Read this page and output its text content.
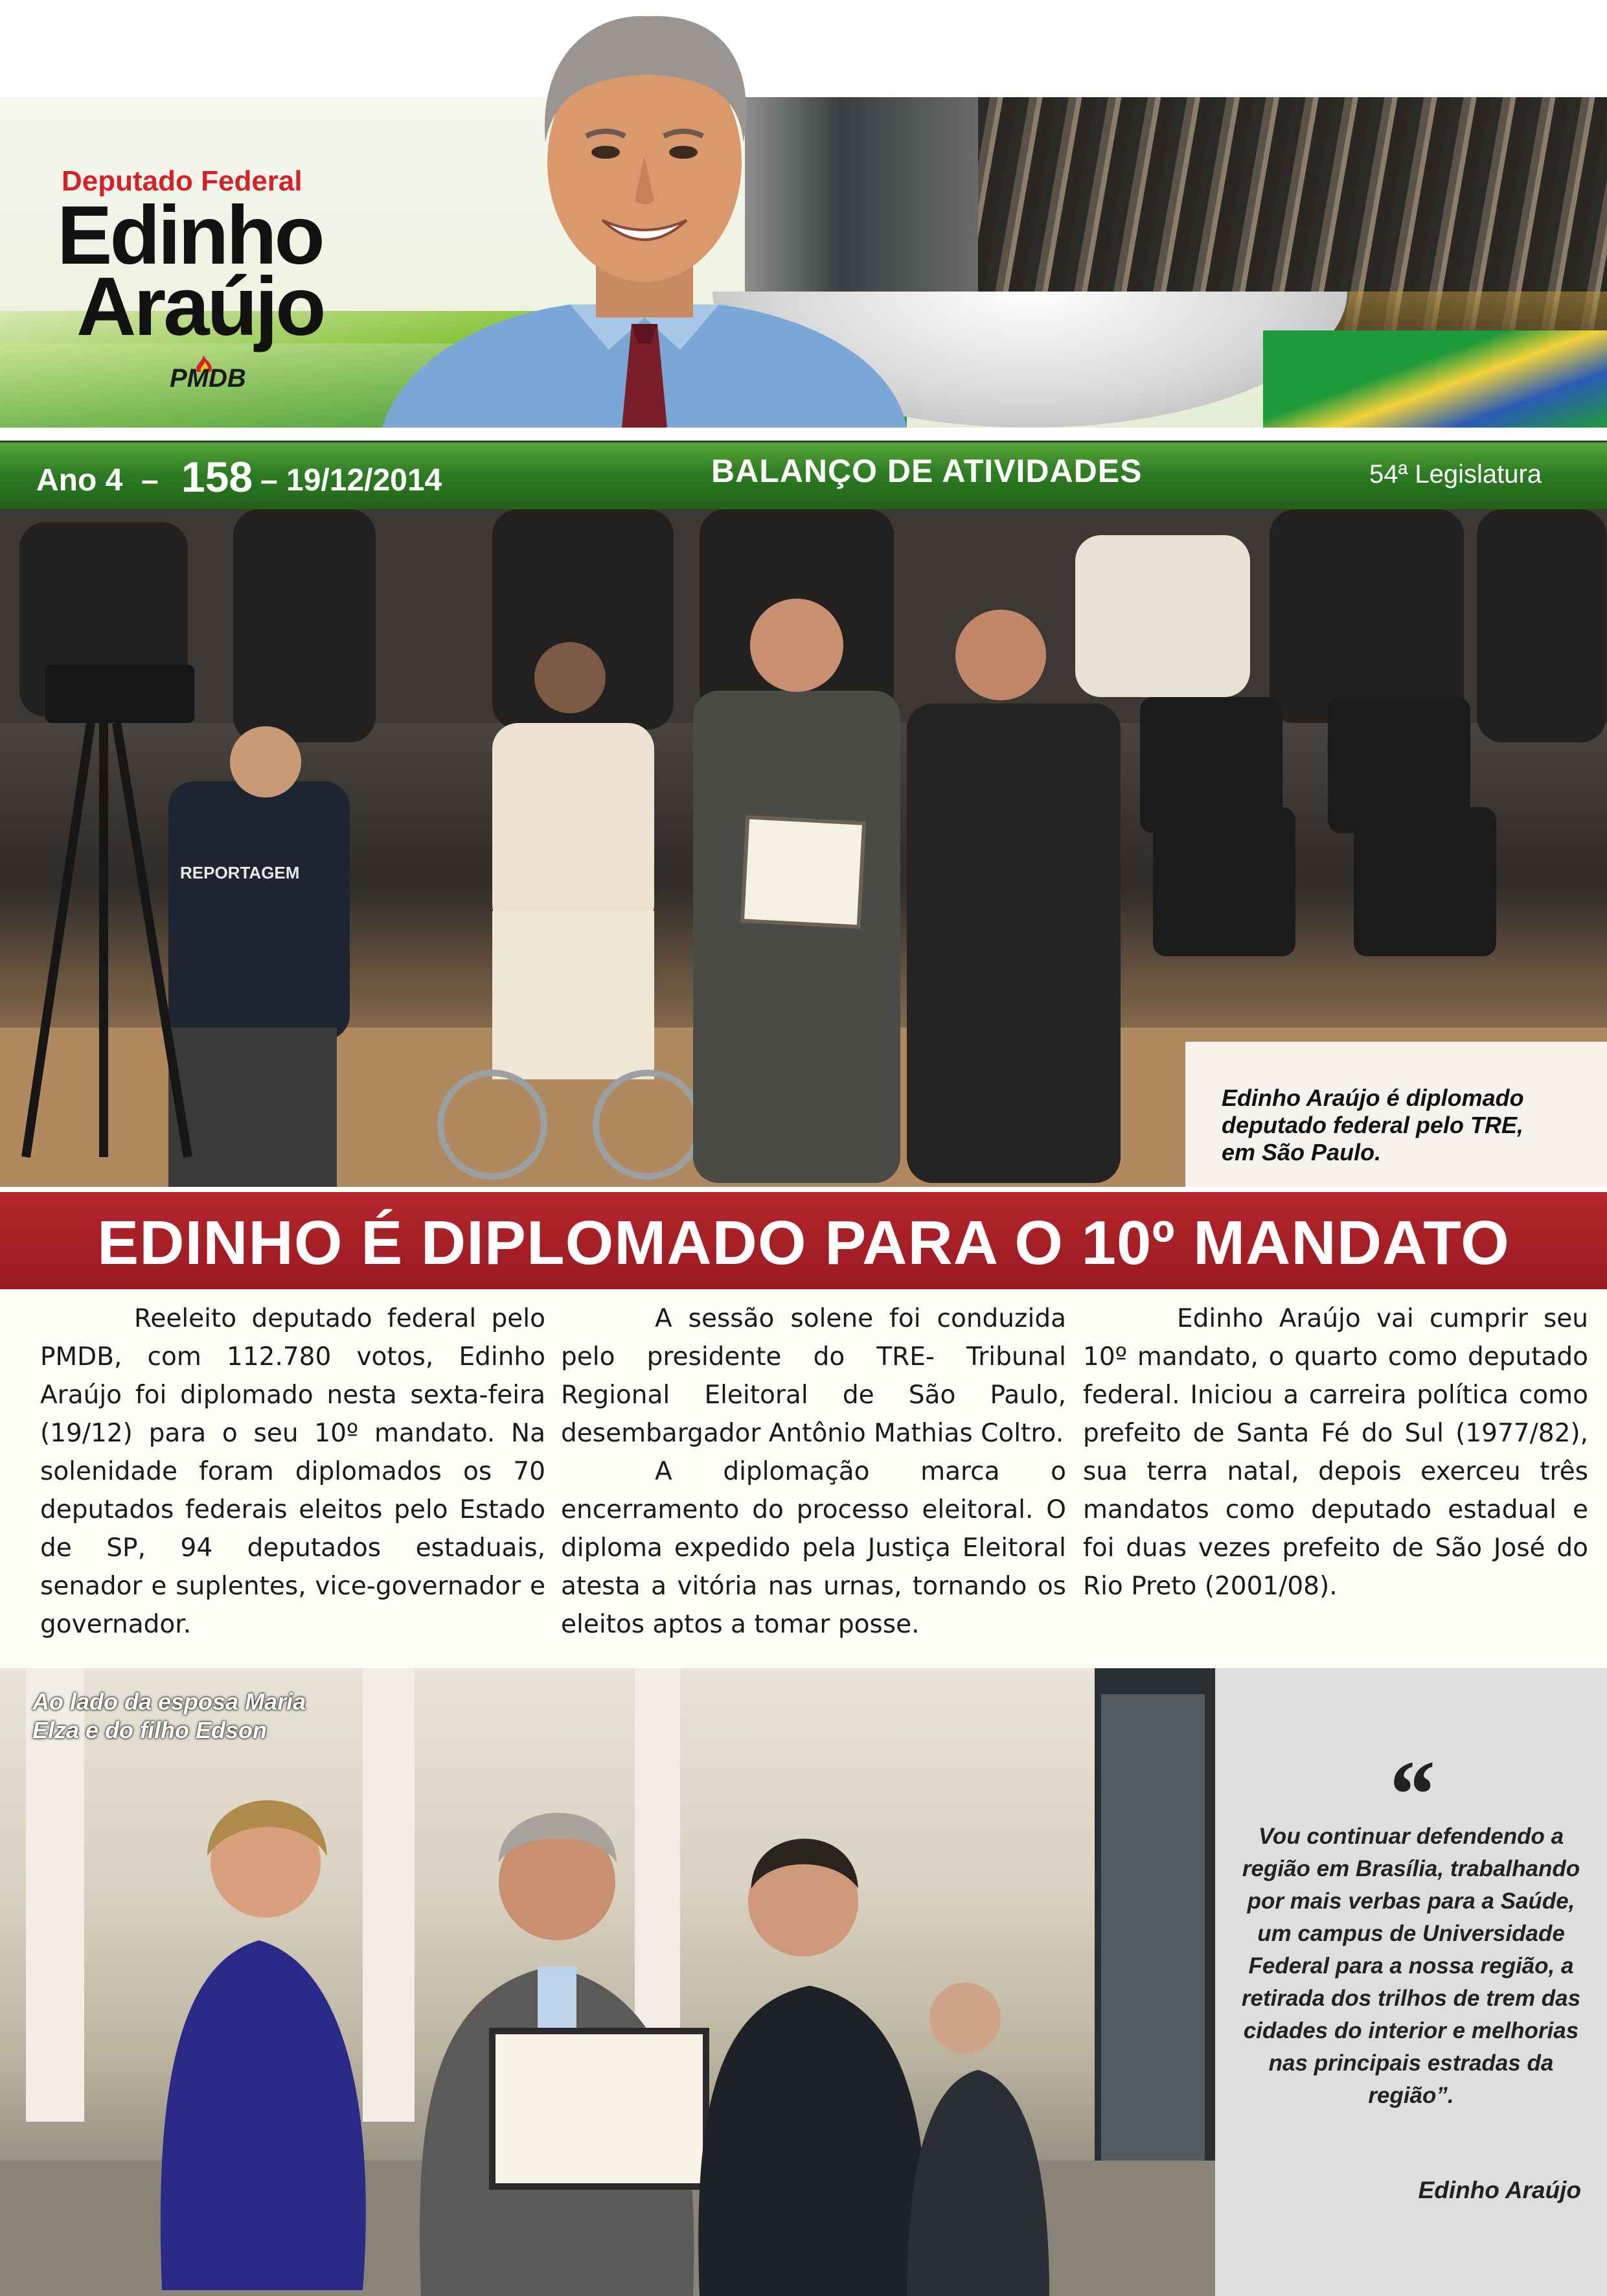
Deputado Federal
Edinho
Araújo
PMDB
Ano 4 – 158 – 19/12/2014	BALANÇO DE ATIVIDADES	54ª Legislatura
REPORTAGEM
Edinho Araújo é diplomado
deputado federal pelo TRE,
em São Paulo.
EDINHO É DIPLOMADO PARA O 10º MANDATO

Reeleito deputado federal pelo PMDB, com 112.780 votos, Edinho Araújo foi diplomado nesta sexta-feira (19/12) para o seu 10º mandato. Na solenidade foram diplomados os 70 deputados federais eleitos pelo Estado de SP, 94 deputados estaduais, senador e suplentes, vice-governador e governador.

A sessão solene foi conduzida pelo presidente do TRE- Tribunal Regional Eleitoral de São Paulo, desembargador Antônio Mathias Coltro.

A diplomação marca o encerramento do processo eleitoral. O diploma expedido pela Justiça Eleitoral atesta a vitória nas urnas, tornando os eleitos aptos a tomar posse.

Edinho Araújo vai cumprir seu 10º mandato, o quarto como deputado federal. Iniciou a carreira política como prefeito de Santa Fé do Sul (1977/82), sua terra natal, depois exerceu três mandatos como deputado estadual e foi duas vezes prefeito de São José do Rio Preto (2001/08).

Ao lado da esposa Maria
Elza e do filho Edson
“
Vou continuar defendendo a região em Brasília, trabalhando por mais verbas para a Saúde, um campus de Universidade Federal para a nossa região, a retirada dos trilhos de trem das cidades do interior e melhorias nas principais estradas da região”.
Edinho Araújo
